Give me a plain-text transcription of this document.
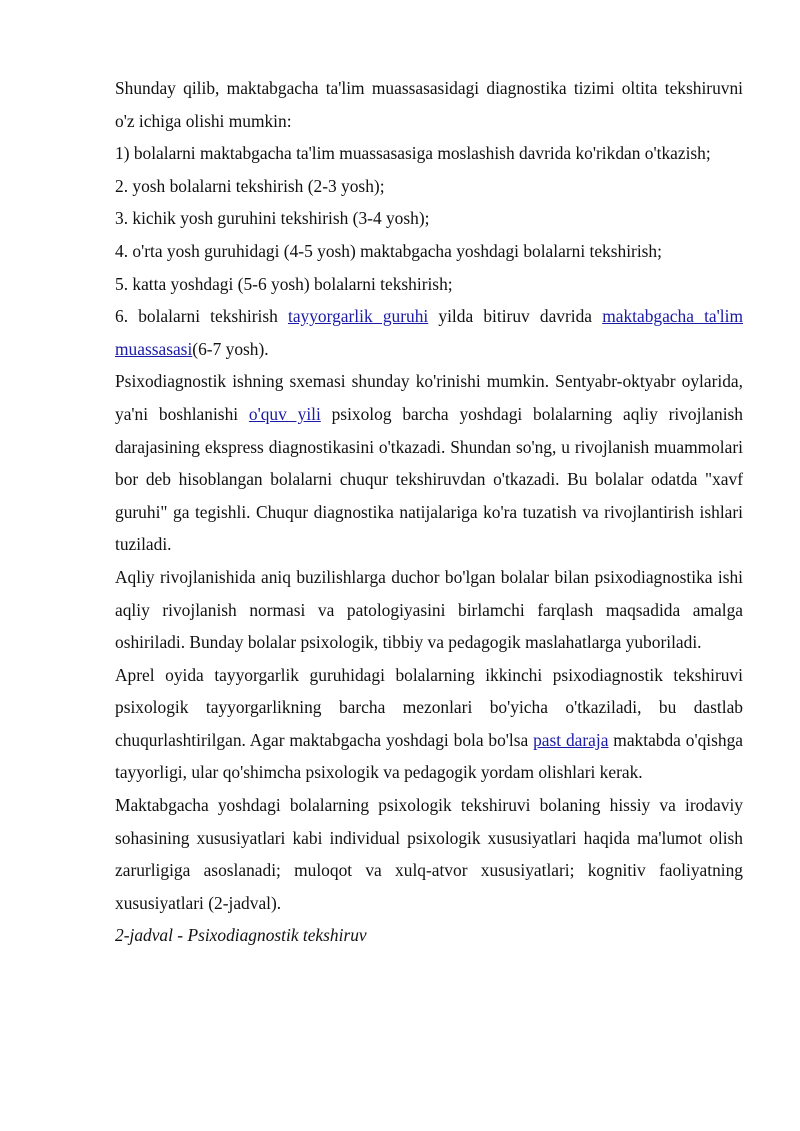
Shunday qilib, maktabgacha ta'lim muassasasidagi diagnostika tizimi oltita tekshiruvni o'z ichiga olishi mumkin:

1) bolalarni maktabgacha ta'lim muassasasiga moslashish davrida ko'rikdan o'tkazish;

2. yosh bolalarni tekshirish (2-3 yosh);

3. kichik yosh guruhini tekshirish (3-4 yosh);

4. o'rta yosh guruhidagi (4-5 yosh) maktabgacha yoshdagi bolalarni tekshirish;

5. katta yoshdagi (5-6 yosh) bolalarni tekshirish;

6. bolalarni tekshirish tayyorgarlik guruhi yilda bitiruv davrida maktabgacha ta'lim muassasasi(6-7 yosh).

Psixodiagnostik ishning sxemasi shunday ko'rinishi mumkin. Sentyabr-oktyabr oylarida, ya'ni boshlanishi o'quv yili psixolog barcha yoshdagi bolalarning aqliy rivojlanish darajasining ekspress diagnostikasini o'tkazadi. Shundan so'ng, u rivojlanish muammolari bor deb hisoblangan bolalarni chuqur tekshiruvdan o'tkazadi. Bu bolalar odatda "xavf guruhi" ga tegishli. Chuqur diagnostika natijalariga ko'ra tuzatish va rivojlantirish ishlari tuziladi.

Aqliy rivojlanishida aniq buzilishlarga duchor bo'lgan bolalar bilan psixodiagnostika ishi aqliy rivojlanish normasi va patologiyasini birlamchi farqlash maqsadida amalga oshiriladi. Bunday bolalar psixologik, tibbiy va pedagogik maslahatlarga yuboriladi.

Aprel oyida tayyorgarlik guruhidagi bolalarning ikkinchi psixodiagnostik tekshiruvi psixologik tayyorgarlikning barcha mezonlari bo'yicha o'tkaziladi, bu dastlab chuqurlashtirilgan. Agar maktabgacha yoshdagi bola bo'lsa past daraja maktabda o'qishga tayyorligi, ular qo'shimcha psixologik va pedagogik yordam olishlari kerak.

Maktabgacha yoshdagi bolalarning psixologik tekshiruvi bolaning hissiy va irodaviy sohasining xususiyatlari kabi individual psixologik xususiyatlari haqida ma'lumot olish zarurligiga asoslanadi; muloqot va xulq-atvor xususiyatlari; kognitiv faoliyatning xususiyatlari (2-jadval).

2-jadval - Psixodiagnostik tekshiruv
